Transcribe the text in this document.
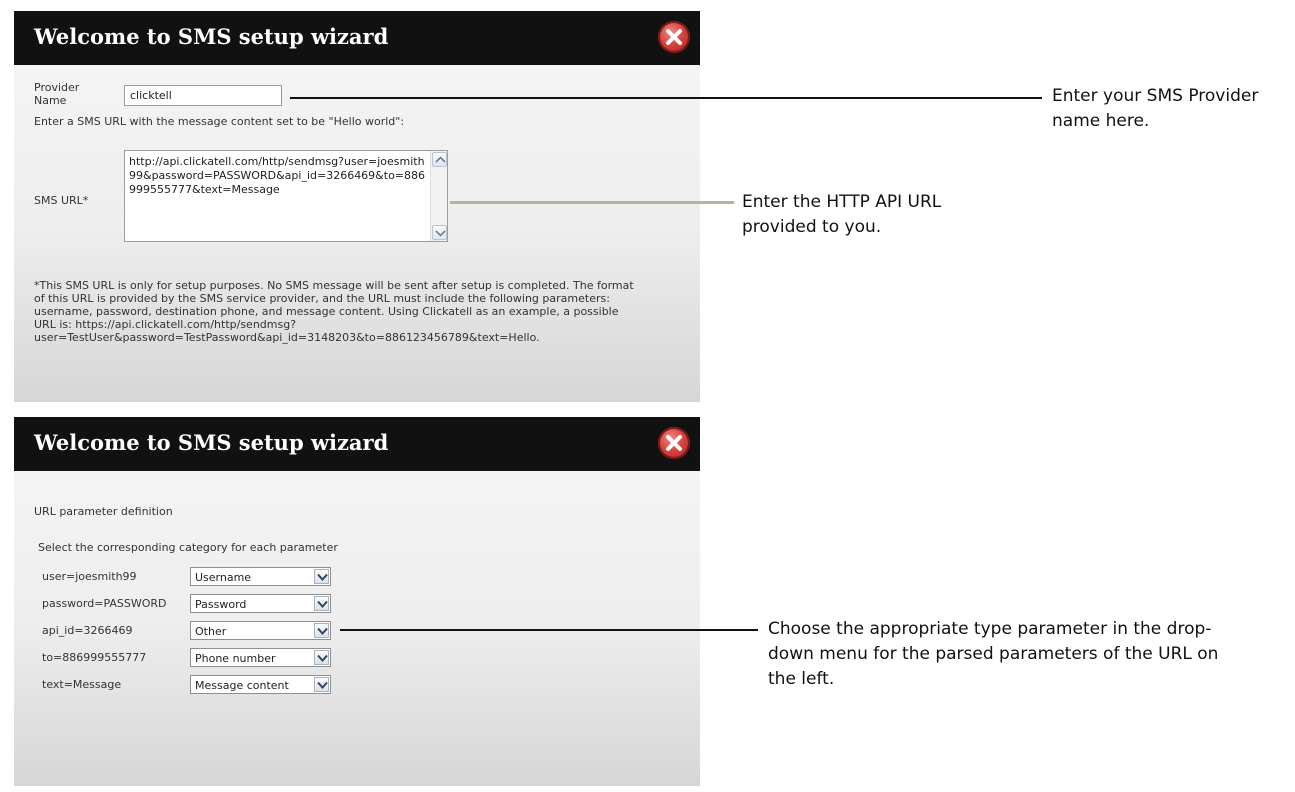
Welcome to SMS setup wizard
Provider Name	clicktell
Enter a SMS URL with the message content set to be "Hello world":
SMS URL*
http://api.clickatell.com/http/sendmsg?user=joesmith99&password=PASSWORD&api_id=3266469&to=886999555777&text=Message
*This SMS URL is only for setup purposes. No SMS message will be sent after setup is completed. The format of this URL is provided by the SMS service provider, and the URL must include the following parameters: username, password, destination phone, and message content. Using Clickatell as an example, a possible URL is: https://api.clickatell.com/http/sendmsg?user=TestUser&password=TestPassword&api_id=3148203&to=886123456789&text=Hello.
Welcome to SMS setup wizard
URL parameter definition
Select the corresponding category for each parameter
user=joesmith99	Username
password=PASSWORD	Password
api_id=3266469	Other
to=886999555777	Phone number
text=Message	Message content
Enter your SMS Provider name here.
Enter the HTTP API URL provided to you.
Choose the appropriate type parameter in the drop-down menu for the parsed parameters of the URL on the left.
